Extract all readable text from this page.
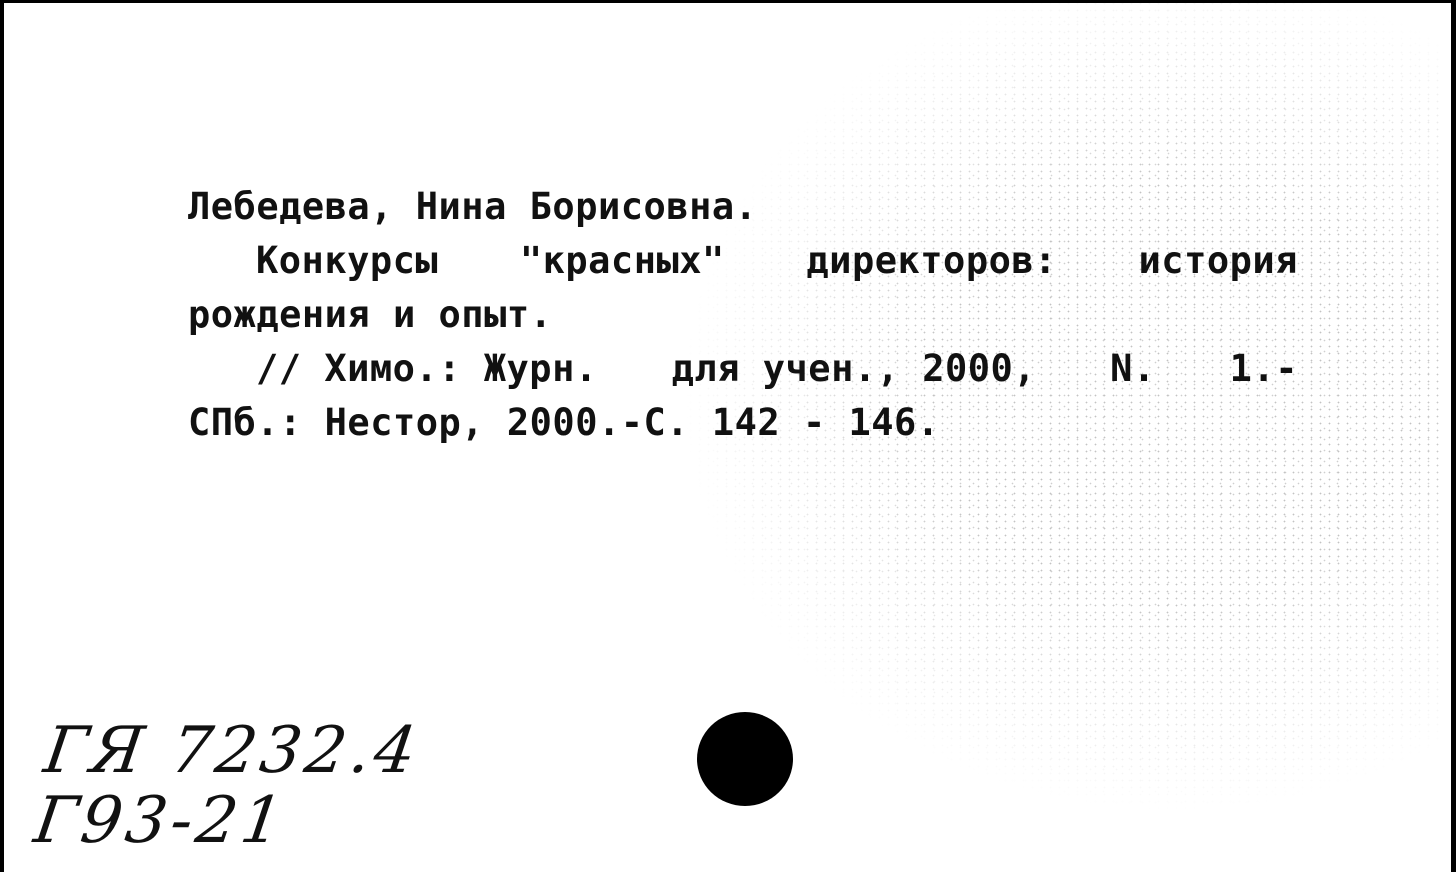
Лебедева, Нина Борисовна.
Конкурсы "красных" директоров: история
рождения и опыт.
// Химо.: Журн. для учен., 2000, N. 1.-
СПб.: Нестор, 2000.-С. 142 - 146.
ГЯ 7232.4
Г93-21
